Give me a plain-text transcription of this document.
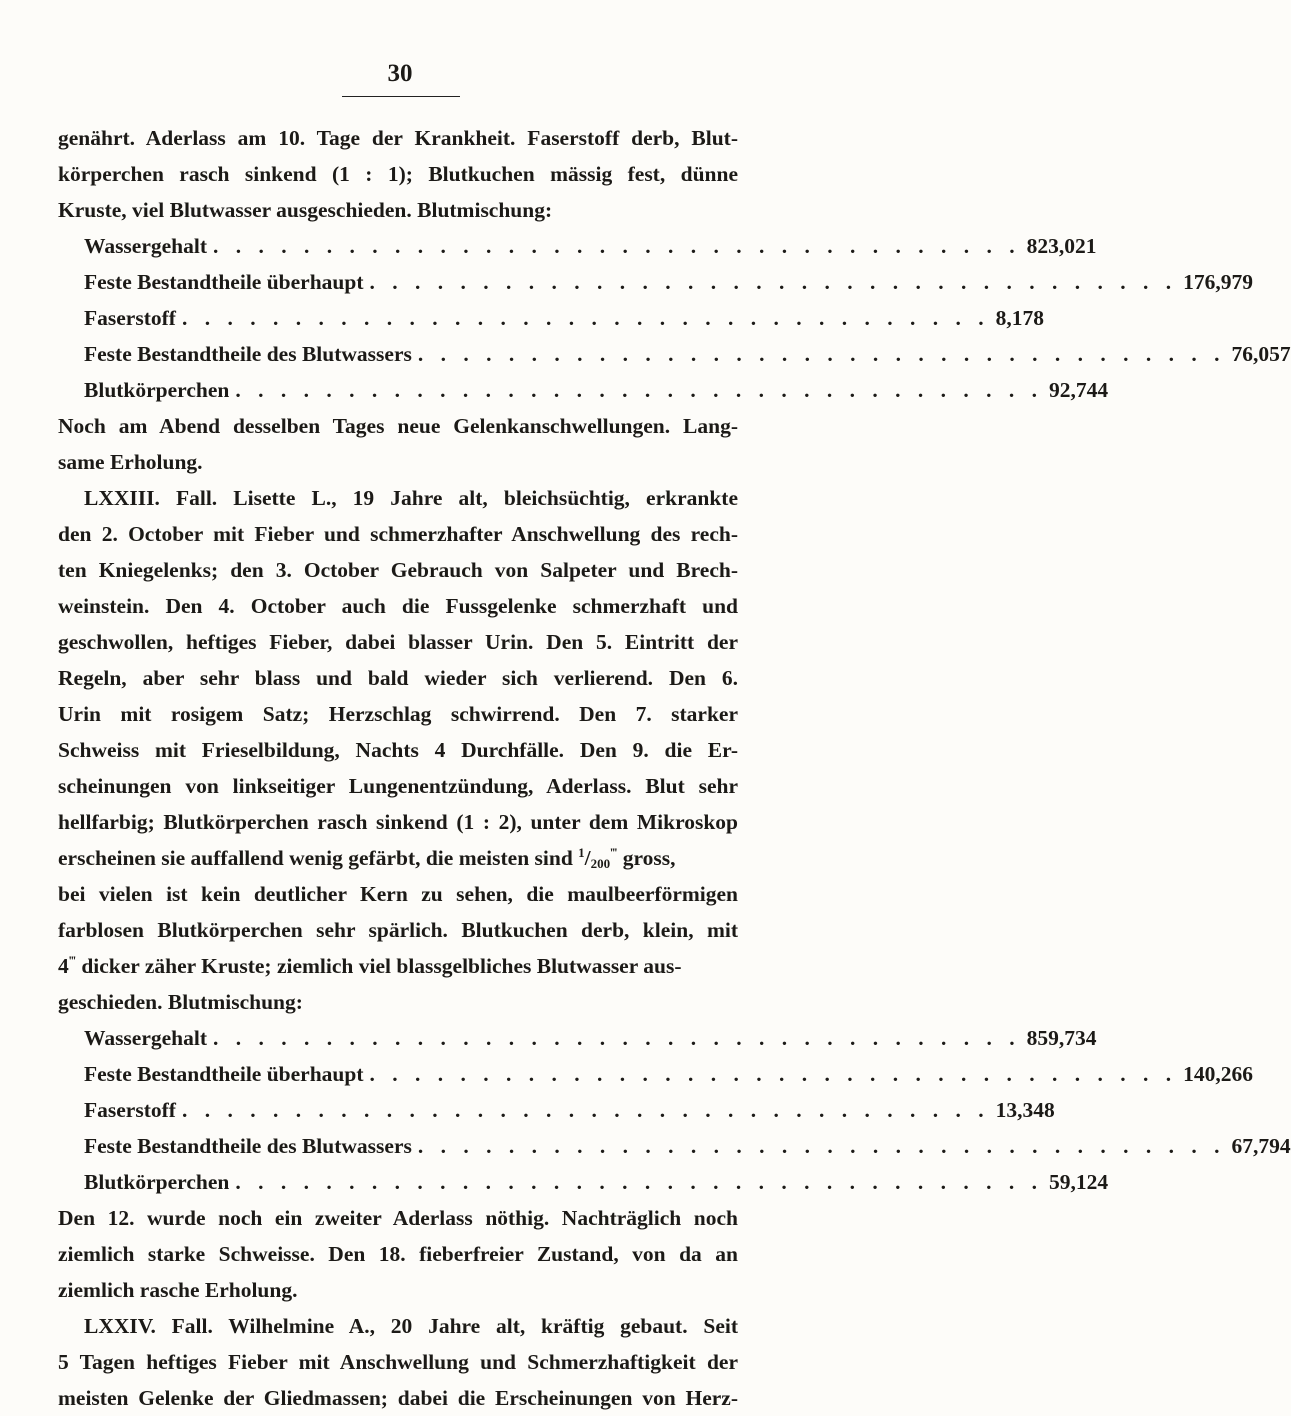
30
genährt. Aderlass am 10. Tage der Krankheit. Faserstoff derb, Blut-
körperchen rasch sinkend (1 : 1); Blutkuchen mässig fest, dünne
Kruste, viel Blutwasser ausgeschieden. Blutmischung:
Wassergehalt . . . . . . . . . . . . . . . . . . . . . . . . . . . . . . . . . . . . 823,021
Feste Bestandtheile überhaupt . . . . . . . . . . . . . . . . . . . . . . . . . . . . . . . . . . . . 176,979
Faserstoff . . . . . . . . . . . . . . . . . . . . . . . . . . . . . . . . . . . . 8,178
Feste Bestandtheile des Blutwassers . . . . . . . . . . . . . . . . . . . . . . . . . . . . . . . . . . . . 76,057
Blutkörperchen . . . . . . . . . . . . . . . . . . . . . . . . . . . . . . . . . . . . 92,744
Noch am Abend desselben Tages neue Gelenkanschwellungen. Lang-
same Erholung.
LXXIII. Fall. Lisette L., 19 Jahre alt, bleichsüchtig, erkrankte
den 2. October mit Fieber und schmerzhafter Anschwellung des rech-
ten Kniegelenks; den 3. October Gebrauch von Salpeter und Brech-
weinstein. Den 4. October auch die Fussgelenke schmerzhaft und
geschwollen, heftiges Fieber, dabei blasser Urin. Den 5. Eintritt der
Regeln, aber sehr blass und bald wieder sich verlierend. Den 6.
Urin mit rosigem Satz; Herzschlag schwirrend. Den 7. starker
Schweiss mit Frieselbildung, Nachts 4 Durchfälle. Den 9. die Er-
scheinungen von linkseitiger Lungenentzündung, Aderlass. Blut sehr
hellfarbig; Blutkörperchen rasch sinkend (1 : 2), unter dem Mikroskop
erscheinen sie auffallend wenig gefärbt, die meisten sind $^1/_{200}^‴$ gross,
bei vielen ist kein deutlicher Kern zu sehen, die maulbeerförmigen
farblosen Blutkörperchen sehr spärlich. Blutkuchen derb, klein, mit
4‴ dicker zäher Kruste; ziemlich viel blassgelbliches Blutwasser aus-
geschieden. Blutmischung:
Wassergehalt . . . . . . . . . . . . . . . . . . . . . . . . . . . . . . . . . . . . 859,734
Feste Bestandtheile überhaupt . . . . . . . . . . . . . . . . . . . . . . . . . . . . . . . . . . . . 140,266
Faserstoff . . . . . . . . . . . . . . . . . . . . . . . . . . . . . . . . . . . . 13,348
Feste Bestandtheile des Blutwassers . . . . . . . . . . . . . . . . . . . . . . . . . . . . . . . . . . . . 67,794
Blutkörperchen . . . . . . . . . . . . . . . . . . . . . . . . . . . . . . . . . . . . 59,124
Den 12. wurde noch ein zweiter Aderlass nöthig. Nachträglich noch
ziemlich starke Schweisse. Den 18. fieberfreier Zustand, von da an
ziemlich rasche Erholung.
LXXIV. Fall. Wilhelmine A., 20 Jahre alt, kräftig gebaut. Seit
5 Tagen heftiges Fieber mit Anschwellung und Schmerzhaftigkeit der
meisten Gelenke der Gliedmassen; dabei die Erscheinungen von Herz-
